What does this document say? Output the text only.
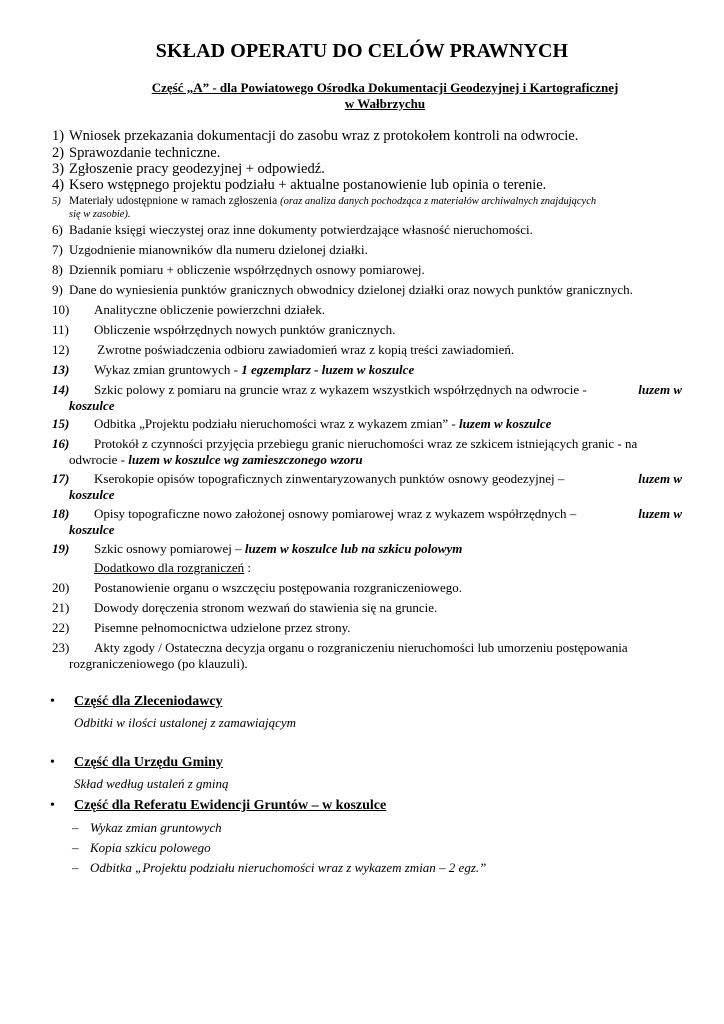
SKŁAD OPERATU DO CELÓW PRAWNYCH
Część „A” - dla Powiatowego Ośrodka Dokumentacji Geodezyjnej i Kartograficznej
w Wałbrzychu
1) Wniosek przekazania dokumentacji do zasobu wraz z protokołem kontroli na odwrocie.
2) Sprawozdanie techniczne.
3) Zgłoszenie pracy geodezyjnej + odpowiedź.
4) Ksero wstępnego projektu podziału + aktualne postanowienie lub opinia o terenie.
5) Materiały udostępnione w ramach zgłoszenia (oraz analiza danych pochodząca z materiałów archiwalnych znajdujących
się w zasobie).
6) Badanie księgi wieczystej oraz inne dokumenty potwierdzające własność nieruchomości.
7) Uzgodnienie mianowników dla numeru dzielonej działki.
8) Dziennik pomiaru + obliczenie współrzędnych osnowy pomiarowej.
9) Dane do wyniesienia punktów granicznych obwodnicy dzielonej działki oraz nowych punktów granicznych.
10) Analityczne obliczenie powierzchni działek.
11) Obliczenie współrzędnych nowych punktów granicznych.
12) Zwrotne poświadczenia odbioru zawiadomień wraz z kopią treści zawiadomień.
13) Wykaz zmian gruntowych - 1 egzemplarz - luzem w koszulce
14) Szkic polowy z pomiaru na gruncie wraz z wykazem wszystkich współrzędnych na odwrocie -	luzem w
koszulce
15) Odbitka „Projektu podziału nieruchomości wraz z wykazem zmian” - luzem w koszulce
16) Protokół z czynności przyjęcia przebiegu granic nieruchomości wraz ze szkicem istniejących granic - na
odwrocie - luzem w koszulce wg zamieszczonego wzoru
17) Kserokopie opisów topograficznych zinwentaryzowanych punktów osnowy geodezyjnej –	luzem w
koszulce
18) Opisy topograficzne nowo założonej osnowy pomiarowej wraz z wykazem współrzędnych –	luzem w
koszulce
19) Szkic osnowy pomiarowej – luzem w koszulce lub na szkicu polowym
Dodatkowo dla rozgraniczeń :
20) Postanowienie organu o wszczęciu postępowania rozgraniczeniowego.
21) Dowody doręczenia stronom wezwań do stawienia się na gruncie.
22) Pisemne pełnomocnictwa udzielone przez strony.
23) Akty zgody / Ostateczna decyzja organu o rozgraniczeniu nieruchomości lub umorzeniu postępowania
rozgraniczeniowego (po klauzuli).
• Część dla Zleceniodawcy
Odbitki w ilości ustalonej z zamawiającym
• Część dla Urzędu Gminy
Skład według ustaleń z gminą
• Część dla Referatu Ewidencji Gruntów – w koszulce
– Wykaz zmian gruntowych
– Kopia szkicu polowego
– Odbitka „Projektu podziału nieruchomości wraz z wykazem zmian – 2 egz.”
